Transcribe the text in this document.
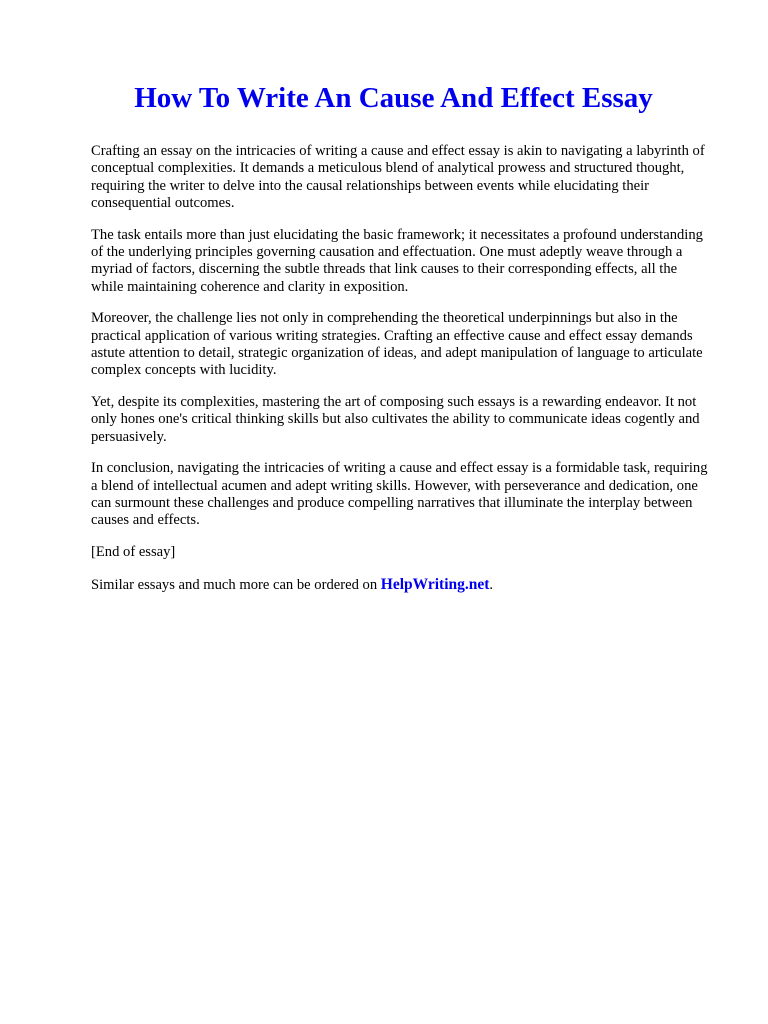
How To Write An Cause And Effect Essay

Crafting an essay on the intricacies of writing a cause and effect essay is akin to navigating a labyrinth of conceptual complexities. It demands a meticulous blend of analytical prowess and structured thought, requiring the writer to delve into the causal relationships between events while elucidating their consequential outcomes.

The task entails more than just elucidating the basic framework; it necessitates a profound understanding of the underlying principles governing causation and effectuation. One must adeptly weave through a myriad of factors, discerning the subtle threads that link causes to their corresponding effects, all the while maintaining coherence and clarity in exposition.

Moreover, the challenge lies not only in comprehending the theoretical underpinnings but also in the practical application of various writing strategies. Crafting an effective cause and effect essay demands astute attention to detail, strategic organization of ideas, and adept manipulation of language to articulate complex concepts with lucidity.

Yet, despite its complexities, mastering the art of composing such essays is a rewarding endeavor. It not only hones one's critical thinking skills but also cultivates the ability to communicate ideas cogently and persuasively.

In conclusion, navigating the intricacies of writing a cause and effect essay is a formidable task, requiring a blend of intellectual acumen and adept writing skills. However, with perseverance and dedication, one can surmount these challenges and produce compelling narratives that illuminate the interplay between causes and effects.

[End of essay]

Similar essays and much more can be ordered on HelpWriting.net.
